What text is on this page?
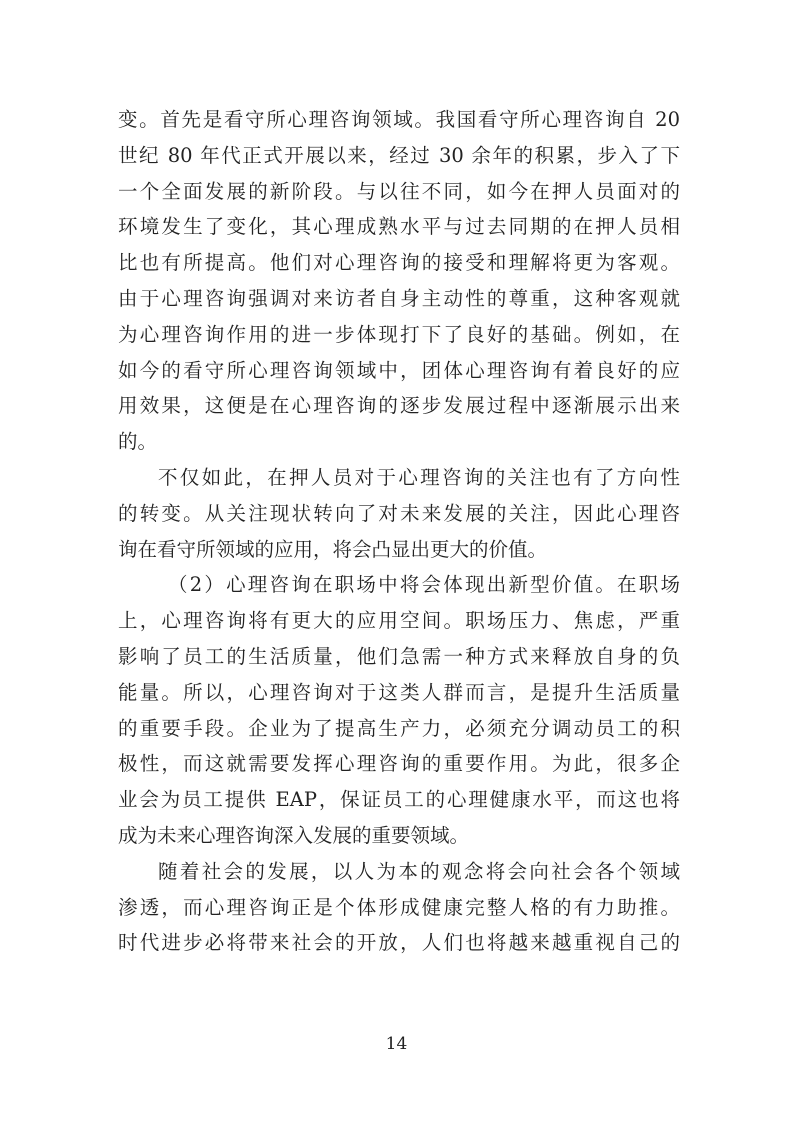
变。首先是看守所心理咨询领域。我国看守所心理咨询自 20
世纪 80 年代正式开展以来，经过 30 余年的积累，步入了下
一个全面发展的新阶段。与以往不同，如今在押人员面对的
环境发生了变化，其心理成熟水平与过去同期的在押人员相
比也有所提高。他们对心理咨询的接受和理解将更为客观。
由于心理咨询强调对来访者自身主动性的尊重，这种客观就
为心理咨询作用的进一步体现打下了良好的基础。例如，在
如今的看守所心理咨询领域中，团体心理咨询有着良好的应
用效果，这便是在心理咨询的逐步发展过程中逐渐展示出来
的。
不仅如此，在押人员对于心理咨询的关注也有了方向性
的转变。从关注现状转向了对未来发展的关注，因此心理咨
询在看守所领域的应用，将会凸显出更大的价值。
（2）心理咨询在职场中将会体现出新型价值。在职场
上，心理咨询将有更大的应用空间。职场压力、焦虑，严重
影响了员工的生活质量，他们急需一种方式来释放自身的负
能量。所以，心理咨询对于这类人群而言，是提升生活质量
的重要手段。企业为了提高生产力，必须充分调动员工的积
极性，而这就需要发挥心理咨询的重要作用。为此，很多企
业会为员工提供 EAP，保证员工的心理健康水平，而这也将
成为未来心理咨询深入发展的重要领域。
随着社会的发展，以人为本的观念将会向社会各个领域
渗透，而心理咨询正是个体形成健康完整人格的有力助推。
时代进步必将带来社会的开放，人们也将越来越重视自己的
14
